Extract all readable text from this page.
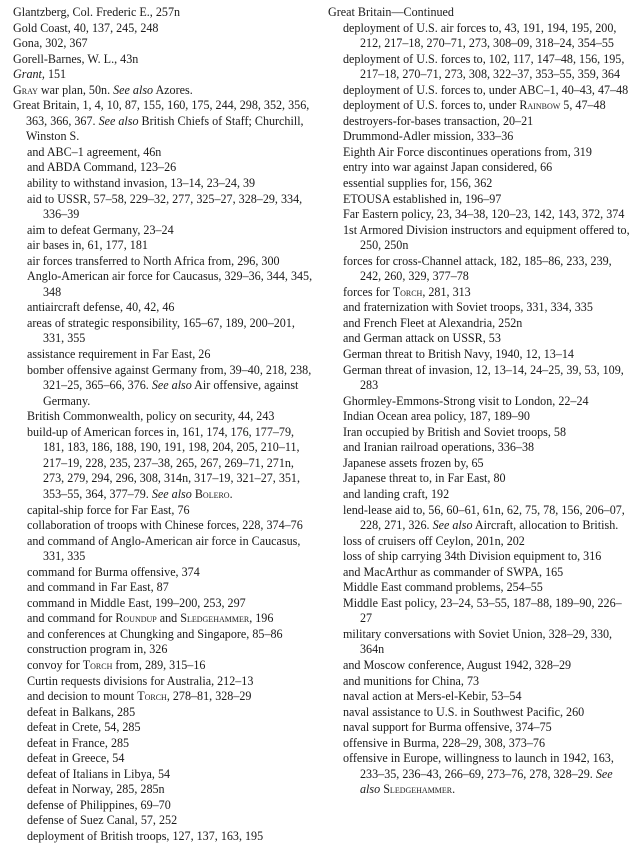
Glantzberg, Col. Frederic E., 257n
Gold Coast, 40, 137, 245, 248
Gona, 302, 367
Gorell-Barnes, W. L., 43n
Grant, 151
Gray war plan, 50n. See also Azores.
Great Britain, 1, 4, 10, 87, 155, 160, 175, 244, 298, 352, 356, 363, 366, 367. See also British Chiefs of Staff; Churchill, Winston S.
and ABC–1 agreement, 46n
and ABDA Command, 123–26
ability to withstand invasion, 13–14, 23–24, 39
aid to USSR, 57–58, 229–32, 277, 325–27, 328–29, 334, 336–39
aim to defeat Germany, 23–24
air bases in, 61, 177, 181
air forces transferred to North Africa from, 296, 300
Anglo-American air force for Caucasus, 329–36, 344, 345, 348
antiaircraft defense, 40, 42, 46
areas of strategic responsibility, 165–67, 189, 200–201, 331, 355
assistance requirement in Far East, 26
bomber offensive against Germany from, 39–40, 218, 238, 321–25, 365–66, 376. See also Air offensive, against Germany.
British Commonwealth, policy on security, 44, 243
build-up of American forces in, 161, 174, 176, 177–79, 181, 183, 186, 188, 190, 191, 198, 204, 205, 210–11, 217–19, 228, 235, 237–38, 265, 267, 269–71, 271n, 273, 279, 294, 296, 308, 314n, 317–19, 321–27, 351, 353–55, 364, 377–79. See also Bolero.
capital-ship force for Far East, 76
collaboration of troops with Chinese forces, 228, 374–76
and command of Anglo-American air force in Caucasus, 331, 335
command for Burma offensive, 374
and command in Far East, 87
command in Middle East, 199–200, 253, 297
and command for Roundup and Sledgehammer, 196
and conferences at Chungking and Singapore, 85–86
construction program in, 326
convoy for Torch from, 289, 315–16
Curtin requests divisions for Australia, 212–13
and decision to mount Torch, 278–81, 328–29
defeat in Balkans, 285
defeat in Crete, 54, 285
defeat in France, 285
defeat in Greece, 54
defeat of Italians in Libya, 54
defeat in Norway, 285, 285n
defense of Philippines, 69–70
defense of Suez Canal, 57, 252
deployment of British troops, 127, 137, 163, 195
Great Britain—Continued
deployment of U.S. air forces to, 43, 191, 194, 195, 200, 212, 217–18, 270–71, 273, 308–09, 318–24, 354–55
deployment of U.S. forces to, 102, 117, 147–48, 156, 195, 217–18, 270–71, 273, 308, 322–37, 353–55, 359, 364
deployment of U.S. forces to, under ABC–1, 40–43, 47–48
deployment of U.S. forces to, under Rainbow 5, 47–48
destroyers-for-bases transaction, 20–21
Drummond-Adler mission, 333–36
Eighth Air Force discontinues operations from, 319
entry into war against Japan considered, 66
essential supplies for, 156, 362
ETOUSA established in, 196–97
Far Eastern policy, 23, 34–38, 120–23, 142, 143, 372, 374
1st Armored Division instructors and equipment offered to, 250, 250n
forces for cross-Channel attack, 182, 185–86, 233, 239, 242, 260, 329, 377–78
forces for Torch, 281, 313
and fraternization with Soviet troops, 331, 334, 335
and French Fleet at Alexandria, 252n
and German attack on USSR, 53
German threat to British Navy, 1940, 12, 13–14
German threat of invasion, 12, 13–14, 24–25, 39, 53, 109, 283
Ghormley-Emmons-Strong visit to London, 22–24
Indian Ocean area policy, 187, 189–90
Iran occupied by British and Soviet troops, 58
and Iranian railroad operations, 336–38
Japanese assets frozen by, 65
Japanese threat to, in Far East, 80
and landing craft, 192
lend-lease aid to, 56, 60–61, 61n, 62, 75, 78, 156, 206–07, 228, 271, 326. See also Aircraft, allocation to British.
loss of cruisers off Ceylon, 201n, 202
loss of ship carrying 34th Division equipment to, 316
and MacArthur as commander of SWPA, 165
Middle East command problems, 254–55
Middle East policy, 23–24, 53–55, 187–88, 189–90, 226–27
military conversations with Soviet Union, 328–29, 330, 364n
and Moscow conference, August 1942, 328–29
and munitions for China, 73
naval action at Mers-el-Kebir, 53–54
naval assistance to U.S. in Southwest Pacific, 260
naval support for Burma offensive, 374–75
offensive in Burma, 228–29, 308, 373–76
offensive in Europe, willingness to launch in 1942, 163, 233–35, 236–43, 266–69, 273–76, 278, 328–29. See also Sledgehammer.
